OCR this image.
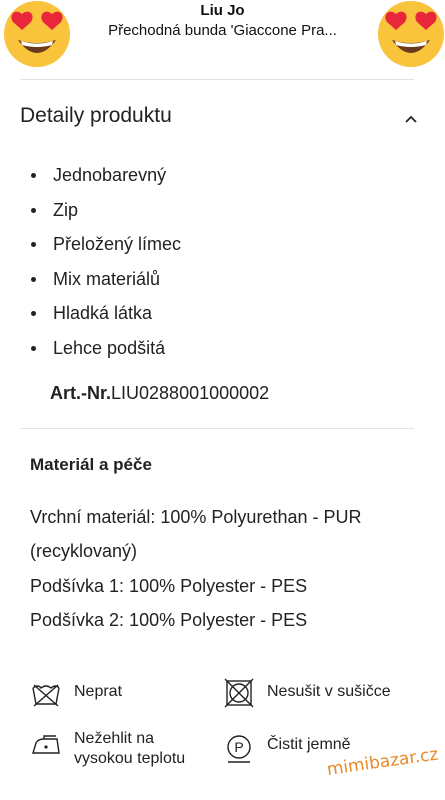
Liu Jo
Přechodná bunda 'Giaccone Pra...
Detaily produktu
Jednobarevný
Zip
Přeložený límec
Mix materiálů
Hladká látka
Lehce podšitá
Art.-Nr.LIU0288001000002
Materiál a péče
Vrchní materiál: 100% Polyurethan - PUR
(recyklovaný)
Podšívka 1: 100% Polyester - PES
Podšívka 2: 100% Polyester - PES
Neprat	Nesušit v sušičce
Nežehlit na
vysokou teplotu
P Čistit jemně
mimibazar.cz
